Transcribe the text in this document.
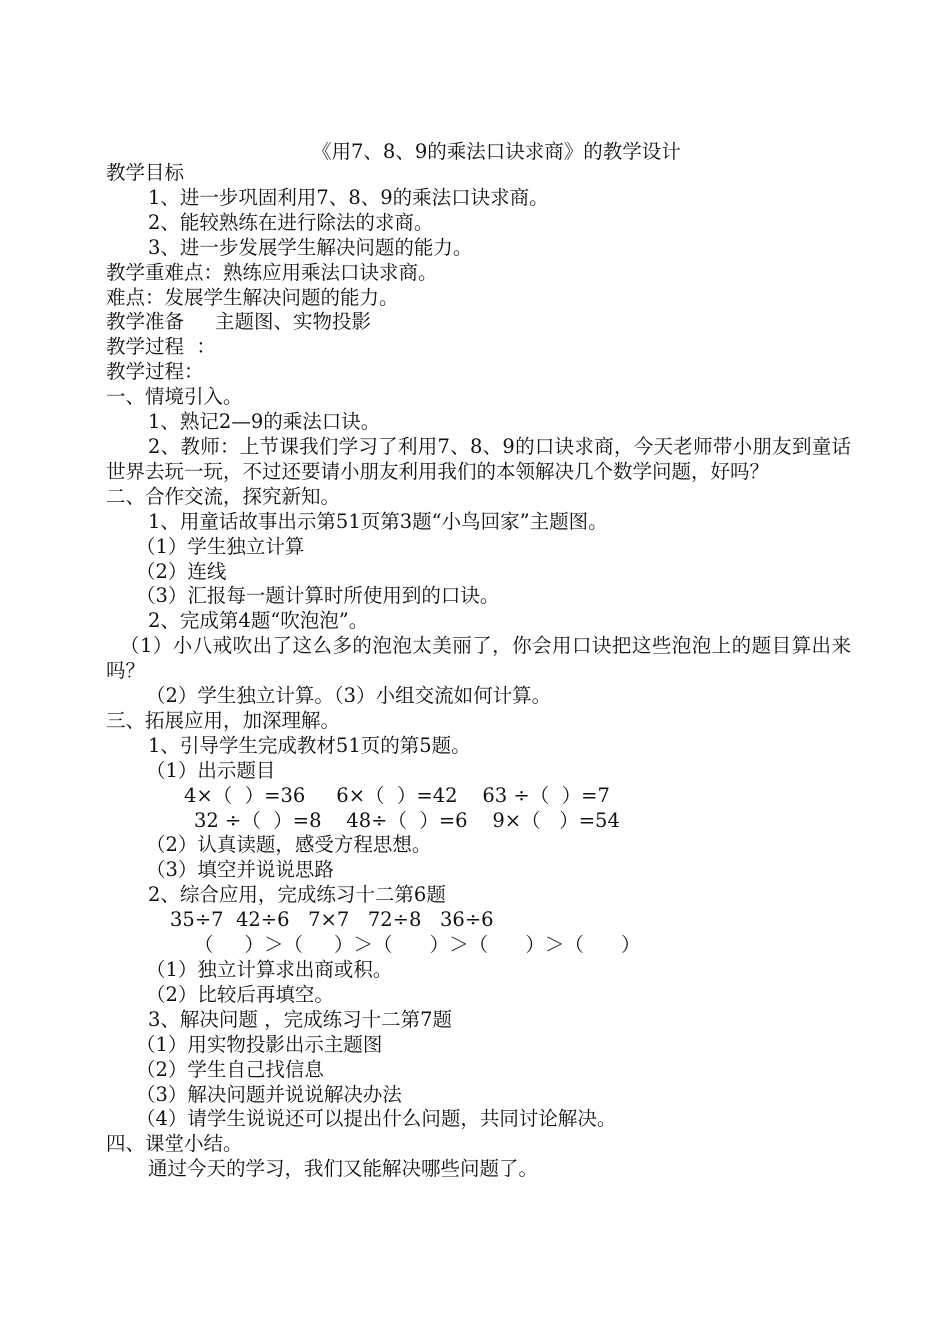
《用7、8、9的乘法口诀求商》的教学设计
教学目标
1、进一步巩固利用7、8、9的乘法口诀求商。
2、能较熟练在进行除法的求商。
3、进一步发展学生解决问题的能力。
教学重难点：熟练应用乘法口诀求商。
难点：发展学生解决问题的能力。
教学准备     主题图、实物投影
教学过程  ：
教学过程：
一、情境引入。
1、熟记2—9的乘法口诀。
2、教师：上节课我们学习了利用7、8、9的口诀求商，今天老师带小朋友到童话世界去玩一玩，不过还要请小朋友利用我们的本领解决几个数学问题，好吗？
二、合作交流，探究新知。
1、用童话故事出示第51页第3题“小鸟回家”主题图。
（1）学生独立计算
（2）连线
（3）汇报每一题计算时所使用到的口诀。
2、完成第4题“吹泡泡”。
（1）小八戒吹出了这么多的泡泡太美丽了，你会用口诀把这些泡泡上的题目算出来吗？
（2）学生独立计算。（3）小组交流如何计算。
三、拓展应用，加深理解。
1、引导学生完成教材51页的第5题。
（1）出示题目
4×（  ）=36     6×（  ）=42    63 ÷（  ）=7
32 ÷（  ）=8    48÷（  ）=6    9×（   ）=54
（2）认真读题，感受方程思想。
（3）填空并说说思路
2、综合应用，完成练习十二第6题
35÷7  42÷6   7×7   72÷8   36÷6
（     ）＞（     ）＞（      ）＞（      ）＞（      ）
（1）独立计算求出商或积。
（2）比较后再填空。
3、解决问题 ，完成练习十二第7题
（1）用实物投影出示主题图
（2）学生自己找信息
（3）解决问题并说说解决办法
（4）请学生说说还可以提出什么问题，共同讨论解决。
四、课堂小结。
通过今天的学习，我们又能解决哪些问题了。
